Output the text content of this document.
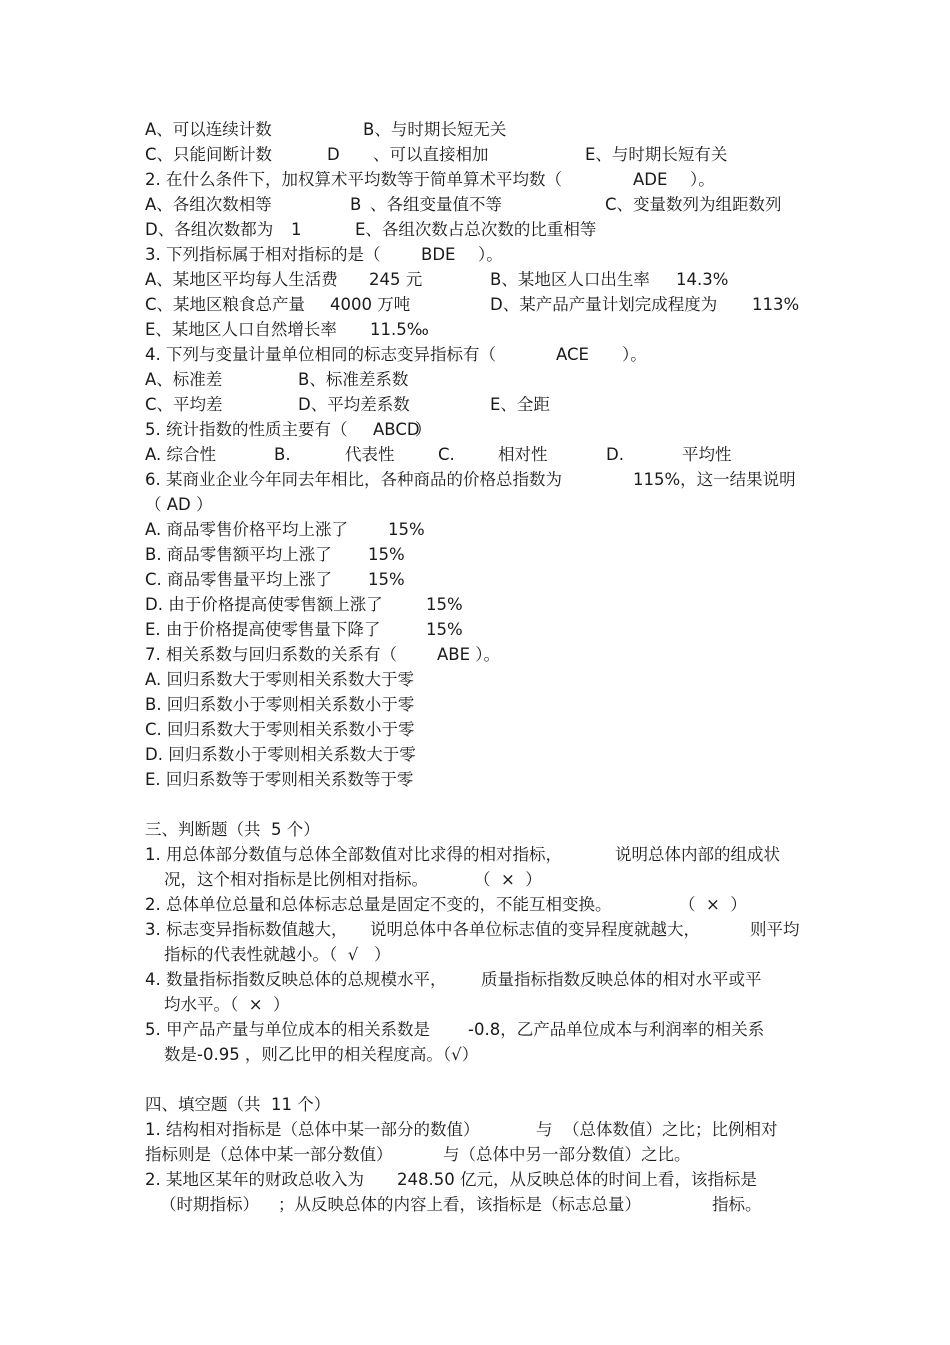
A、可以连续计数	B、与时期长短无关
C、只能间断计数	D 、可以直接相加	E、与时期长短有关
2. 在什么条件下，加权算术平均数等于简单算术平均数（	ADE ）。
A、各组次数相等	B 、各组变量值不等	C、变量数列为组距数列
D、各组次数都为 1	E、各组次数占总次数的比重相等
3. 下列指标属于相对指标的是（ BDE ）。
A、某地区平均每人生活费 245 元	B、某地区人口出生率 14.3%
C、某地区粮食总产量 4000 万吨	D、某产品产量计划完成程度为 113%
E、某地区人口自然增长率 11.5‰
4. 下列与变量计量单位相同的标志变异指标有（	ACE ）。
A、标准差	B、标准差系数
C、平均差	D、平均差系数	E、全距
5. 统计指数的性质主要有（ ABCD
）
A. 综合性	B.	代表性	C.	相对性	D.	平均性
6. 某商业企业今年同去年相比，各种商品的价格总指数为	115%，这一结果说明
（ AD ）
A. 商品零售价格平均上涨了 15%
B. 商品零售额平均上涨了 15%
C. 商品零售量平均上涨了 15%
D. 由于价格提高使零售额上涨了	15%
E. 由于价格提高使零售量下降了	15%
7. 相关系数与回归系数的关系有（ ABE ）。
A. 回归系数大于零则相关系数大于零
B. 回归系数小于零则相关系数小于零
C. 回归系数大于零则相关系数小于零
D. 回归系数小于零则相关系数大于零
E. 回归系数等于零则相关系数等于零
三、判断题（共  5 个）
1. 用总体部分数值与总体全部数值对比求得的相对指标，	说明总体内部的组成状
况，这个相对指标是比例相对指标。	（  ×  ）
2. 总体单位总量和总体标志总量是固定不变的，不能互相变换。	（  ×  ）
3. 标志变异指标数值越大， 说明总体中各单位标志值的变异程度就越大，	则平均
指标的代表性就越小。（  √   ）
4. 数量指标指数反映总体的总规模水平， 质量指标指数反映总体的相对水平或平
均水平。（  ×  ）
5. 甲产品产量与单位成本的相关系数是 -0.8，乙产品单位成本与利润率的相关系
数是-0.95 ，则乙比甲的相关程度高。（√）
四、填空题（共  11 个）
1. 结构相对指标是（总体中某一部分的数值）	与  （总体数值）之比；比例相对
指标则是（总体中某一部分数值）	与（总体中另一部分数值）之比。
2. 某地区某年的财政总收入为 248.50 亿元，从反映总体的时间上看，该指标是
（时期指标） ；从反映总体的内容上看，该指标是（标志总量）	指标。
